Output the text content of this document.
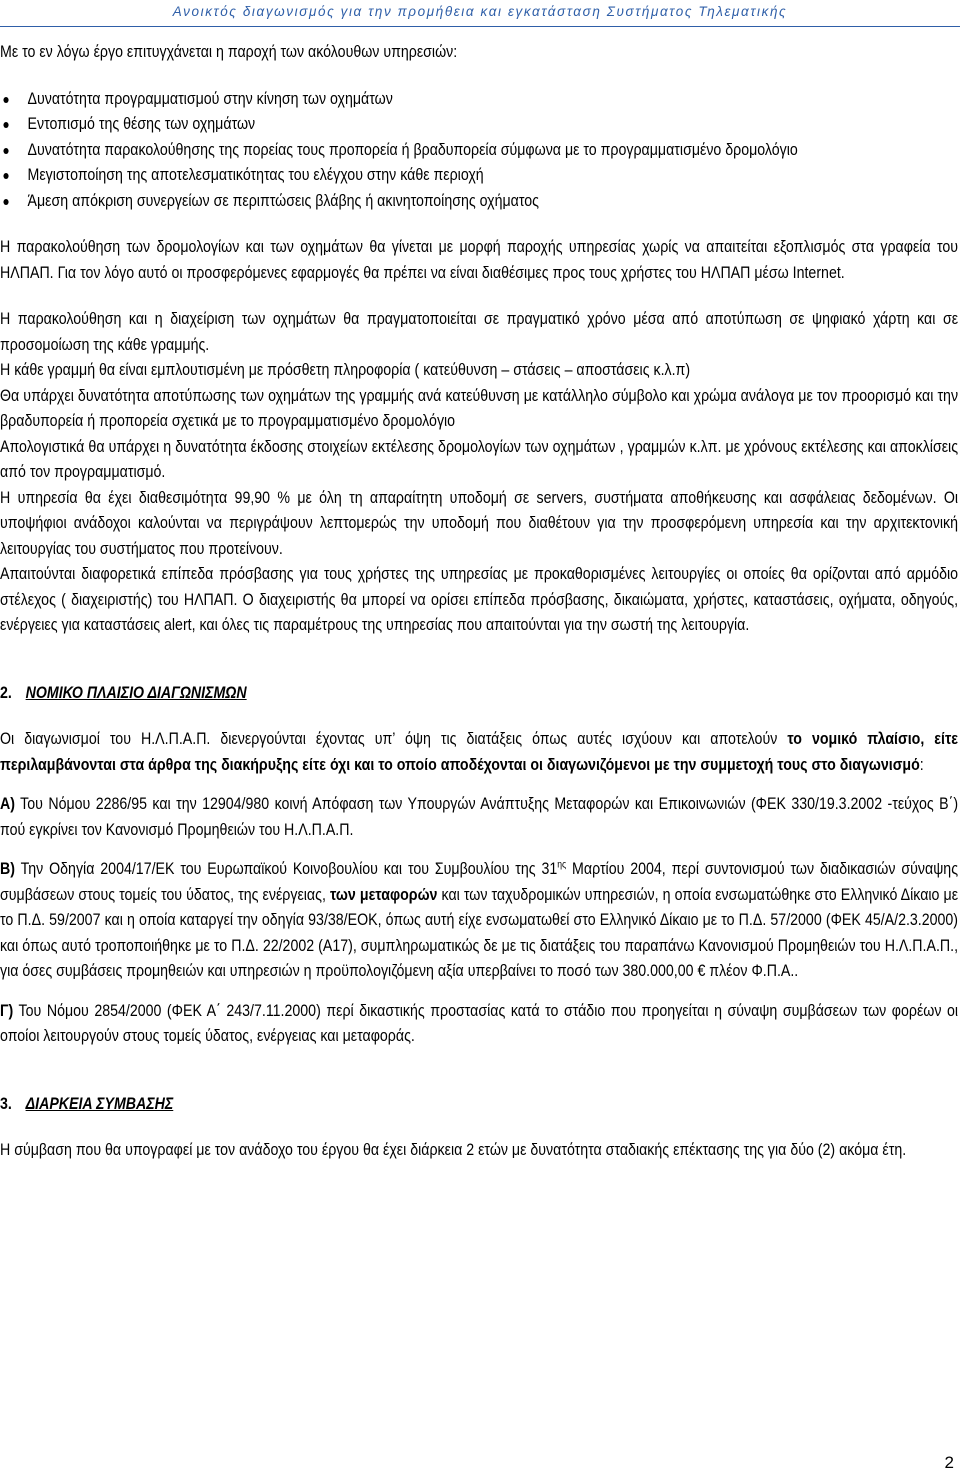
Ανοικτός διαγωνισμός για την προμήθεια και εγκατάσταση Συστήματος Τηλεματικής

Με το εν λόγω έργο επιτυγχάνεται η παροχή των ακόλουθων υπηρεσιών:

Δυνατότητα προγραμματισμού στην κίνηση των οχημάτων
Εντοπισμό της θέσης των οχημάτων
Δυνατότητα παρακολούθησης της πορείας τους προπορεία ή βραδυπορεία σύμφωνα με το προγραμματισμένο δρομολόγιο
Μεγιστοποίηση της αποτελεσματικότητας του ελέγχου στην κάθε περιοχή
Άμεση απόκριση συνεργείων σε περιπτώσεις βλάβης ή ακινητοποίησης οχήματος

Η παρακολούθηση των δρομολογίων και των οχημάτων θα γίνεται με μορφή παροχής υπηρεσίας χωρίς να απαιτείται εξοπλισμός στα γραφεία του ΗΛΠΑΠ. Για τον λόγο αυτό οι προσφερόμενες εφαρμογές θα πρέπει να είναι διαθέσιμες προς τους χρήστες του ΗΛΠΑΠ μέσω Internet.

Η παρακολούθηση και η διαχείριση των οχημάτων θα πραγματοποιείται σε πραγματικό χρόνο μέσα από αποτύπωση σε ψηφιακό χάρτη και σε προσομοίωση της κάθε γραμμής.

Η κάθε γραμμή θα είναι εμπλουτισμένη με πρόσθετη πληροφορία ( κατεύθυνση – στάσεις – αποστάσεις κ.λ.π)

Θα υπάρχει δυνατότητα αποτύπωσης των οχημάτων της γραμμής ανά κατεύθυνση με κατάλληλο σύμβολο και χρώμα ανάλογα με τον προορισμό και την βραδυπορεία ή προπορεία σχετικά με το προγραμματισμένο δρομολόγιο

Απολογιστικά θα υπάρχει η δυνατότητα έκδοσης στοιχείων εκτέλεσης δρομολογίων των οχημάτων , γραμμών κ.λπ. με χρόνους εκτέλεσης και αποκλίσεις από τον προγραμματισμό.

Η υπηρεσία θα έχει διαθεσιμότητα 99,90 % με όλη τη απαραίτητη υποδομή σε servers, συστήματα αποθήκευσης και ασφάλειας δεδομένων. Οι υποψήφιοι ανάδοχοι καλούνται να περιγράψουν λεπτομερώς την υποδομή που διαθέτουν για την προσφερόμενη υπηρεσία και την αρχιτεκτονική λειτουργίας του συστήματος που προτείνουν.

Απαιτούνται διαφορετικά επίπεδα πρόσβασης για τους χρήστες της υπηρεσίας με προκαθορισμένες λειτουργίες οι οποίες θα ορίζονται από αρμόδιο στέλεχος ( διαχειριστής) του ΗΛΠΑΠ. Ο διαχειριστής θα μπορεί να ορίσει επίπεδα πρόσβασης, δικαιώματα, χρήστες, καταστάσεις, οχήματα, οδηγούς, ενέργειες για καταστάσεις alert, και όλες τις παραμέτρους της υπηρεσίας που απαιτούνται για την σωστή της λειτουργία.

2. ΝΟΜΙΚΟ ΠΛΑΙΣΙΟ ΔΙΑΓΩΝΙΣΜΩΝ

Οι διαγωνισμοί του Η.Λ.Π.Α.Π. διενεργούνται έχοντας υπ’ όψη τις διατάξεις όπως αυτές ισχύουν και αποτελούν το νομικό πλαίσιο, είτε περιλαμβάνονται στα άρθρα της διακήρυξης είτε όχι και το οποίο αποδέχονται οι διαγωνιζόμενοι με την συμμετοχή τους στο διαγωνισμό:

Α) Του Νόμου 2286/95 και την 12904/980 κοινή Απόφαση των Υπουργών Ανάπτυξης Μεταφορών και Επικοινωνιών (ΦΕΚ 330/19.3.2002 -τεύχος Β΄) πού εγκρίνει τον Κανονισμό Προμηθειών του Η.Λ.Π.Α.Π.

Β) Την Οδηγία 2004/17/ΕΚ του Ευρωπαϊκού Κοινοβουλίου και του Συμβουλίου της $31^{\eta\varsigma}$ Μαρτίου 2004, περί συντονισμού των διαδικασιών σύναψης συμβάσεων στους τομείς του ύδατος, της ενέργειας, των μεταφορών και των ταχυδρομικών υπηρεσιών, η οποία ενσωματώθηκε στο Ελληνικό Δίκαιο με το Π.Δ. 59/2007 και η οποία καταργεί την οδηγία 93/38/ΕΟΚ, όπως αυτή είχε ενσωματωθεί στο Ελληνικό Δίκαιο με το Π.Δ. 57/2000 (ΦΕΚ 45/Α/2.3.2000) και όπως αυτό τροποποιήθηκε με το Π.Δ. 22/2002 (Α17), συμπληρωματικώς δε με τις διατάξεις του παραπάνω Κανονισμού Προμηθειών του Η.Λ.Π.Α.Π., για όσες συμβάσεις προμηθειών και υπηρεσιών η προϋπολογιζόμενη αξία υπερβαίνει το ποσό των 380.000,00 € πλέον Φ.Π.Α..

Γ) Του Νόμου 2854/2000 (ΦΕΚ Α΄ 243/7.11.2000) περί δικαστικής προστασίας κατά το στάδιο που προηγείται η σύναψη συμβάσεων των φορέων οι οποίοι λειτουργούν στους τομείς ύδατος, ενέργειας και μεταφοράς.

3. ΔΙΑΡΚΕΙΑ ΣΥΜΒΑΣΗΣ

Η σύμβαση που θα υπογραφεί με τον ανάδοχο του έργου θα έχει διάρκεια 2 ετών με δυνατότητα σταδιακής επέκτασης της για δύο (2) ακόμα έτη.

2
